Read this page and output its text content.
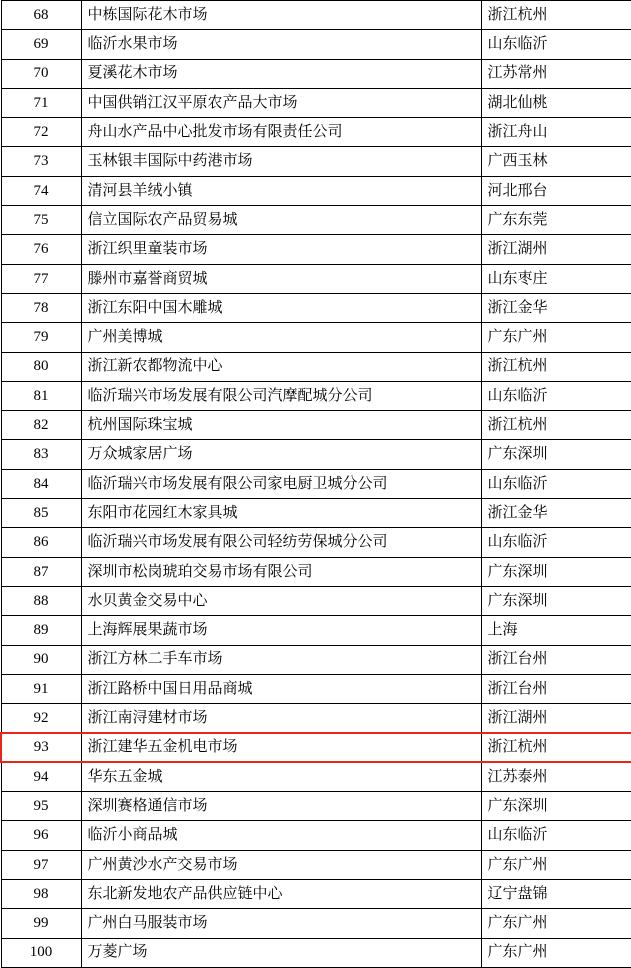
68	中栋国际花木市场	浙江杭州
69	临沂水果市场	山东临沂
70	夏溪花木市场	江苏常州
71	中国供销江汉平原农产品大市场	湖北仙桃
72	舟山水产品中心批发市场有限责任公司	浙江舟山
73	玉林银丰国际中药港市场	广西玉林
74	清河县羊绒小镇	河北邢台
75	信立国际农产品贸易城	广东东莞
76	浙江织里童装市场	浙江湖州
77	滕州市嘉誉商贸城	山东枣庄
78	浙江东阳中国木雕城	浙江金华
79	广州美博城	广东广州
80	浙江新农都物流中心	浙江杭州
81	临沂瑞兴市场发展有限公司汽摩配城分公司	山东临沂
82	杭州国际珠宝城	浙江杭州
83	万众城家居广场	广东深圳
84	临沂瑞兴市场发展有限公司家电厨卫城分公司	山东临沂
85	东阳市花园红木家具城	浙江金华
86	临沂瑞兴市场发展有限公司轻纺劳保城分公司	山东临沂
87	深圳市松岗琥珀交易市场有限公司	广东深圳
88	水贝黄金交易中心	广东深圳
89	上海辉展果蔬市场	上海
90	浙江方林二手车市场	浙江台州
91	浙江路桥中国日用品商城	浙江台州
92	浙江南浔建材市场	浙江湖州
93	浙江建华五金机电市场	浙江杭州
94	华东五金城	江苏泰州
95	深圳赛格通信市场	广东深圳
96	临沂小商品城	山东临沂
97	广州黄沙水产交易市场	广东广州
98	东北新发地农产品供应链中心	辽宁盘锦
99	广州白马服装市场	广东广州
100	万菱广场	广东广州
